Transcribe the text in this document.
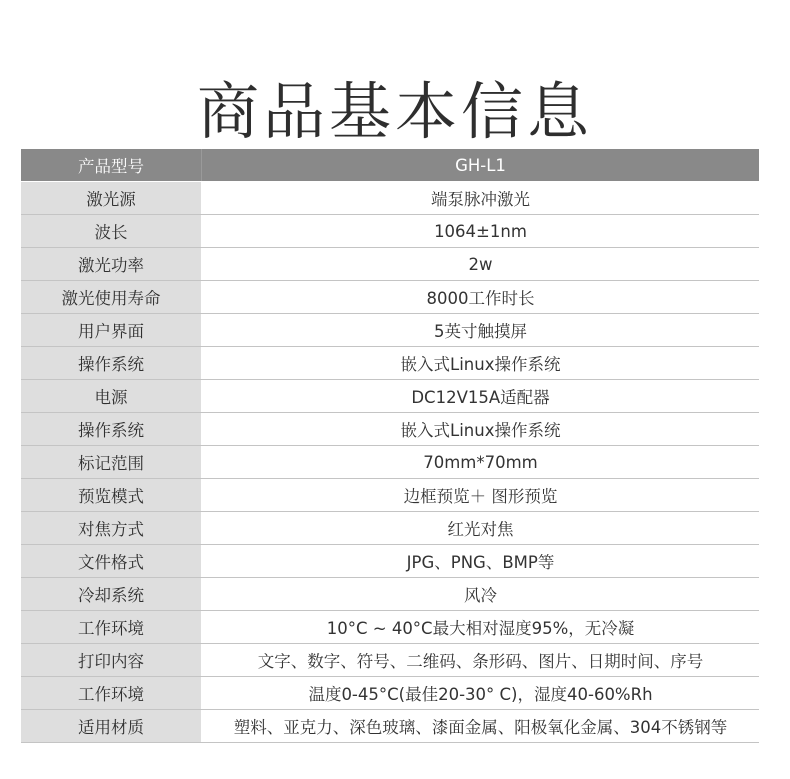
商品基本信息
产品型号	GH-L1
激光源	端泵脉冲激光
波长	1064±1nm
激光功率	2w
激光使用寿命	8000工作时长
用户界面	5英寸触摸屏
操作系统	嵌入式Linux操作系统
电源	DC12V15A适配器
操作系统	嵌入式Linux操作系统
标记范围	70mm*70mm
预览模式	边框预览＋ 图形预览
对焦方式	红光对焦
文件格式	JPG、PNG、BMP等
冷却系统	风冷
工作环境	10°C ~ 40°C最大相对湿度95%，无冷凝
打印内容	文字、数字、符号、二维码、条形码、图片、日期时间、序号
工作环境	温度0-45°C(最佳20-30° C)，湿度40-60%Rh
适用材质	塑料、亚克力、深色玻璃、漆面金属、阳极氧化金属、304不锈钢等
